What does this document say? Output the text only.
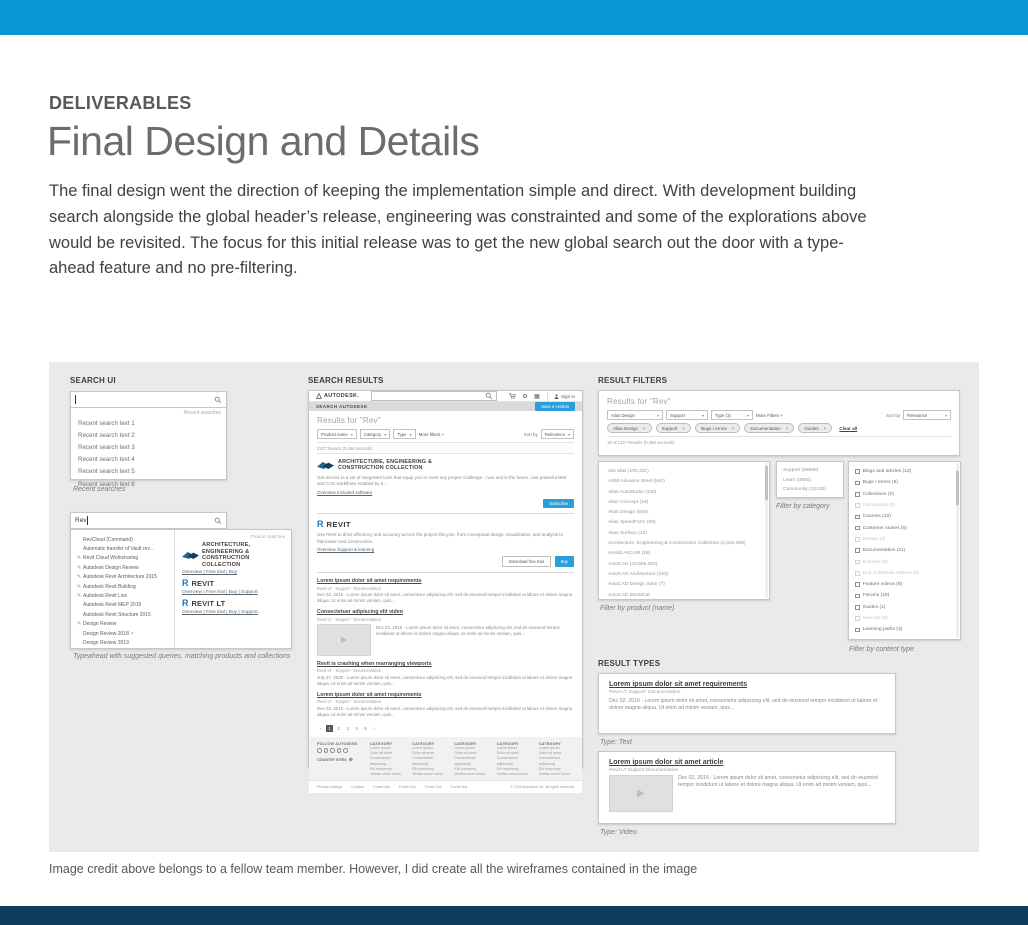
DELIVERABLES
Final Design and Details

The final design went the direction of keeping the implementation simple and direct. With development building search alongside the global header’s release, engineering was constrainted and some of the explorations above would be revisited. The focus for this initial release was to get the new global search out the door with a type-ahead feature and no pre-filtering.

SEARCH UI
Recent searches
Recent search text 1
Recent search text 2
Recent search text 3
Recent search text 4
Recent search text 5
Recent search text 6
Recent searches
Rev
RevCloud (Command)
Automatic transfer of Vault rev...
✎ Revit Cloud Worksharing
✎ Autodesk Design Review
✎ Autodesk Revit Architecture 2015
✎ Autodesk Revit Building
✎ Autodesk Revit Live
Autodesk Revit MEP 2015
Autodesk Revit Structure 2015
✎ Design Review
Design Review 2018 ↗
Design Review 2019
Product matches
ARCHITECTURE, ENGINEERING & CONSTRUCTION COLLECTION
Overview | Free trial | Buy
R REVIT
Overview | Free trial | Buy | Support
R REVIT LT
Overview | Free trial | Buy | Support
Typeahead with suggested queries, matching products and collections
SEARCH RESULTS
AUTODESK.	⚙ ▦	Sign in
SEARCH AUTODESK	Save a version
Results for "Rev"
Product name ▾	Category ▾	Type ▾ More filters +	Sort by Relevance ▾
3127 Results (0.456 seconds)
ARCHITECTURE, ENGINEERING & CONSTRUCTION COLLECTION
Get access to a set of integrated tools that equip you to meet any project challenge - now and in the future. Use powerful BIM and CAD workflows enabled by a ...
Overview Included software
Subscribe
R REVIT
Use Revit to drive efficiency and accuracy across the project lifecycle, from conceptual design, visualization, and analysis to fabrication and construction.
Overview Support & learning
Download free trial	Buy
Lorem ipsum dolor sit amet requirements
Revit LT · Support · Documentation
Dec 02, 2016 - Lorem ipsum dolor sit amet, consectetur adipiscing elit, sed do eiusmod tempor incididunt ut labore et dolore magna aliqua. Ut enim ad minim veniam, quis...
Consectetuer adipiscing elit video
Revit LT · Support · Documentation
▶
Dec 02, 2016 - Lorem ipsum dolor sit amet, consectetur adipiscing elit, sed do eiusmod tempor incididunt ut labore et dolore magna aliqua. Ut enim ad minim veniam, quis...
Revit is crashing when rearranging viewports
Revit LT · Support · Documentation
July 27, 2020 - Lorem ipsum dolor sit amet, consectetur adipiscing elit, sed do eiusmod tempor incididunt ut labore et dolore magna aliqua. Ut enim ad minim veniam, quis...
Lorem ipsum dolor sit amet requirements
Revit LT · Support · Documentation
Dec 02, 2016 - Lorem ipsum dolor sit amet, consectetur adipiscing elit, sed do eiusmod tempor incididunt ut labore et dolore magna aliqua. Ut enim ad minim veniam, quis...
‹	1	2	3	4	5	›
FOLLOW AUTODESK
COUNTRY SITES ⊕
CATEGORY
Lorem ipsum
Dolor sit amet
Consectetuer adipiscing
Elit nonummy
Veritas unum lorem
CATEGORY
Lorem ipsum
Dolor sit amet
Consectetuer adipiscing
Elit nonummy
Veritas unum lorem
CATEGORY
Lorem ipsum
Dolor sit amet
Consectetuer adipiscing
Elit nonummy
Veritas unum lorem
CATEGORY
Lorem ipsum
Dolor sit amet
Consectetuer adipiscing
Elit nonummy
Veritas unum lorem
CATEGORY
Lorem ipsum
Dolor sit amet
Consectetuer adipiscing
Elit nonummy
Veritas unum lorem
Privacy settings	Cookies	Footer link	Footer link	Footer link	Footer link	© 2020 Autodesk Inc. All rights reserved
RESULT FILTERS
Results for "Rev"
Alias Design	▾	Support	▾	Type (3)	▾ More Filters +	Sort by Relevance	▾
Alias Design ×	Support ×	Bugs / errors ×	Documentation ×	Guides ×	Clear all
18 of 1127 Results (0.456 seconds)
3ds Max (100,321)
A360 Advance Steel (540)
Alias AutoStudio (332)
Alias Concept (19)
Alias Design (590)
Alias SpeedForm (99)
Alias Surface (12)
Architecture, Engineering & Construction Collection (2,345,359)
Arnold ArtCAM (18)
AutoCAD (43,956,303)
AutoCAD Architecture (152)
AutoCAD Design Suite (7)
AutoCAD Electrical
Filter by product (name)
Support (99999)
Learn (3945)
Community (12120)
Filter by category
Blogs and articles (12)
Bugs / errors (6)
Collections (2)
Commands (0)
Courses (10)
Customer stories (6)
Demos (0)
Documentation (11)
E-books (0)
End of life/sale notices (0)
Feature videos (8)
Forums (19)
Guides (1)
How-tos (0)
Learning paths (3)
Filter by content type
RESULT TYPES
Lorem ipsum dolor sit amet requirements
Revit LT: Support: Documentation
Dec 02, 2016 - Lorem ipsum dolor sit amet, consectetur adipiscing elit, sed do eiusmod tempor incididunt ut labore et dolore magna aliqua. Ut enim ad minim veniam, quis...
Type: Text
Lorem ipsum dolor sit amet article
Revit LT Support Documentation
▶
Dec 02, 2016 - Lorem ipsum dolor sit amet, consectetur adipiscing elit, sed do eiusmod tempor incididunt ut labore et dolore magna aliqua. Ut enim ad minim veniam, quis...
Type: Video
Image credit above belongs to a fellow team member. However, I did create all the wireframes contained in the image
